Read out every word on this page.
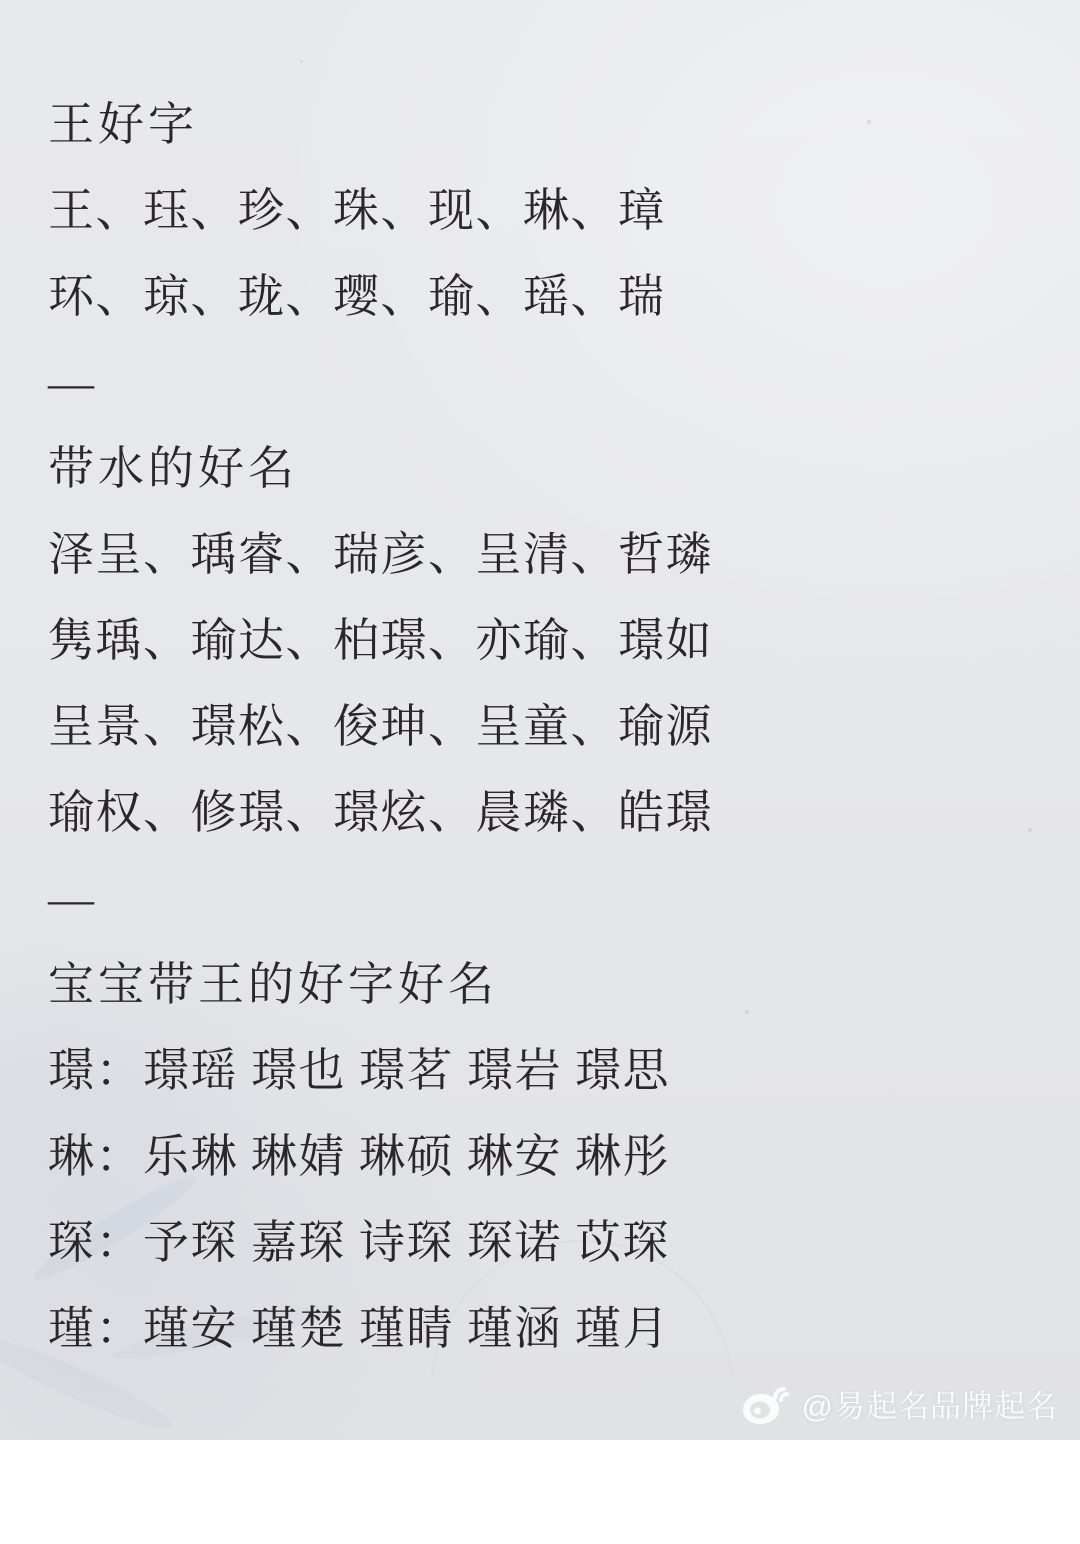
王好字
王、珏、珍、珠、现、琳、璋
环、琼、珑、璎、瑜、瑶、瑞
—
带水的好名
泽呈、瑀睿、瑞彦、呈清、哲璘
隽瑀、瑜达、柏璟、亦瑜、璟如
呈景、璟松、俊珅、呈童、瑜源
瑜权、修璟、璟炫、晨璘、皓璟
—
宝宝带王的好字好名
璟：璟瑶 璟也 璟茗 璟岩 璟思
琳：乐琳 琳婧 琳硕 琳安 琳彤
琛：予琛 嘉琛 诗琛 琛诺 苡琛
瑾：瑾安 瑾楚 瑾睛 瑾涵 瑾月
@易起名品牌起名
